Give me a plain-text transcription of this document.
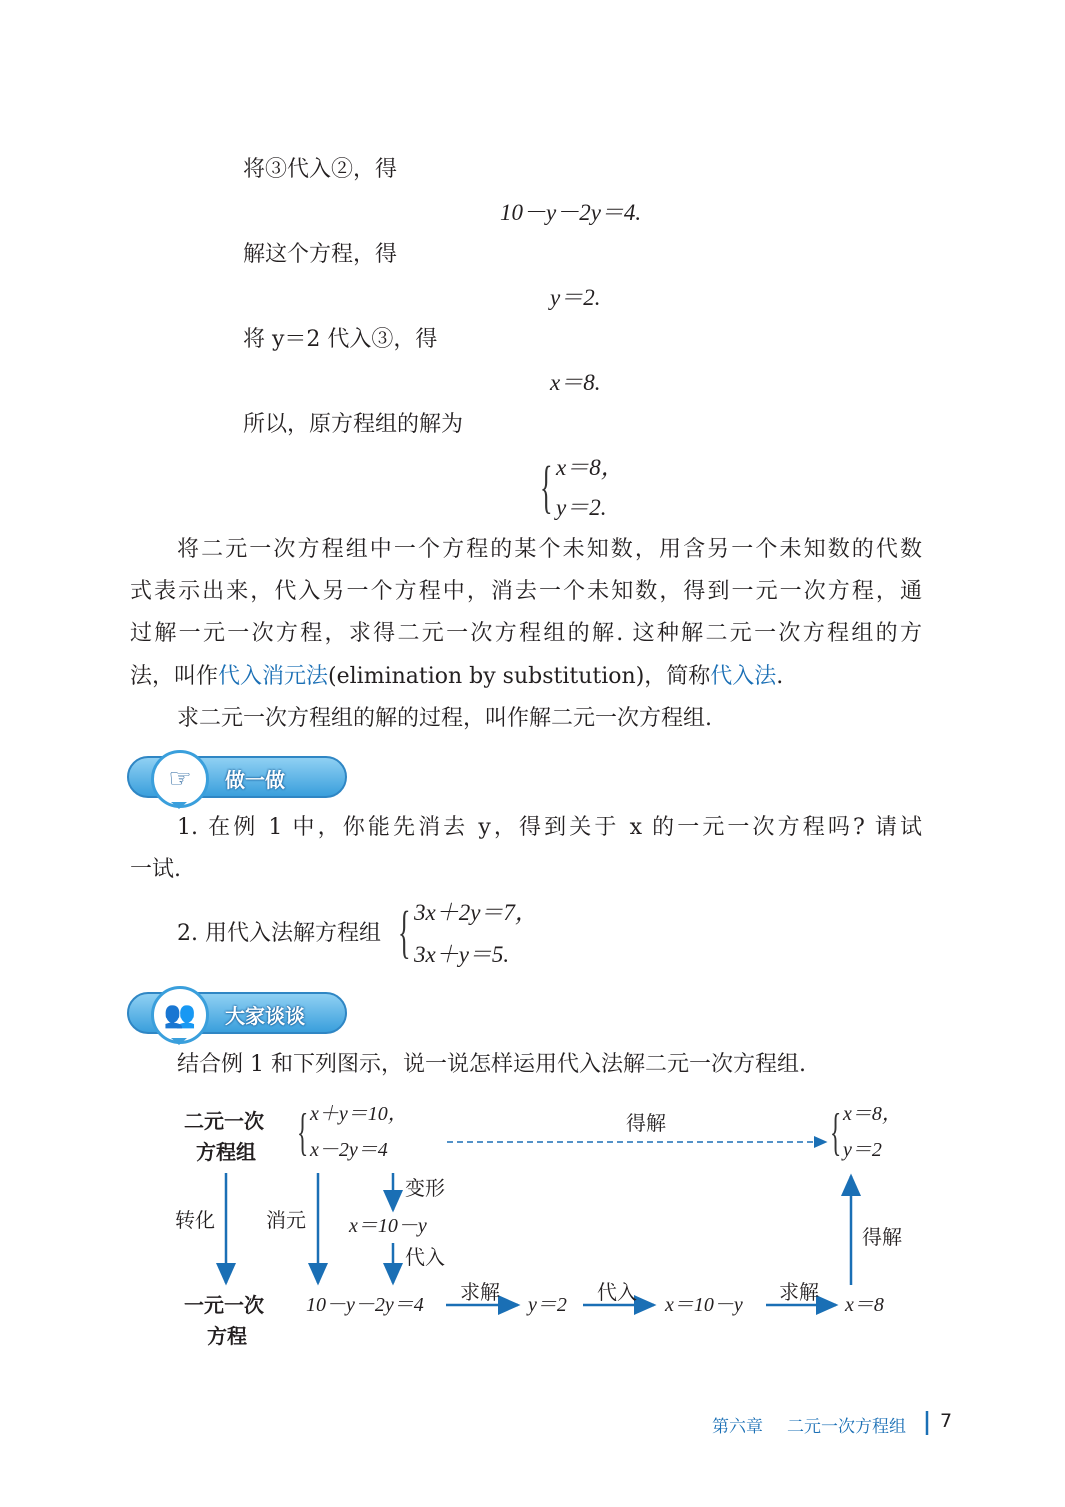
将③代入②，得
10－y－2y＝4.
解这个方程，得
y＝2.
将 y＝2 代入③，得
x＝8.
所以，原方程组的解为
{ x＝8，
y＝2.
将二元一次方程组中一个方程的某个未知数，用含另一个未知数的代数
式表示出来，代入另一个方程中，消去一个未知数，得到一元一次方程，通
过解一元一次方程，求得二元一次方程组的解. 这种解二元一次方程组的方
法，叫作代入消元法(elimination by substitution)，简称代入法.
求二元一次方程组的解的过程，叫作解二元一次方程组.
☞	做一做
1. 在例 1 中，你能先消去 y，得到关于 x 的一元一次方程吗? 请试
一试.
2. 用代入法解方程组 { 3x＋2y＝7，
3x＋y＝5.
👥	大家谈谈
结合例 1 和下列图示，说一说怎样运用代入法解二元一次方程组.
二元一次
方程组
一元一次
方程
{ x＋y＝10，
x－2y＝4	{ x＝8，
y＝2
得解
转化	消元
变形
x＝10－y
代入
10－y－2y＝4
求解
y＝2
代入
x＝10－y
求解
x＝8
得解
第六章 二元一次方程组 7
